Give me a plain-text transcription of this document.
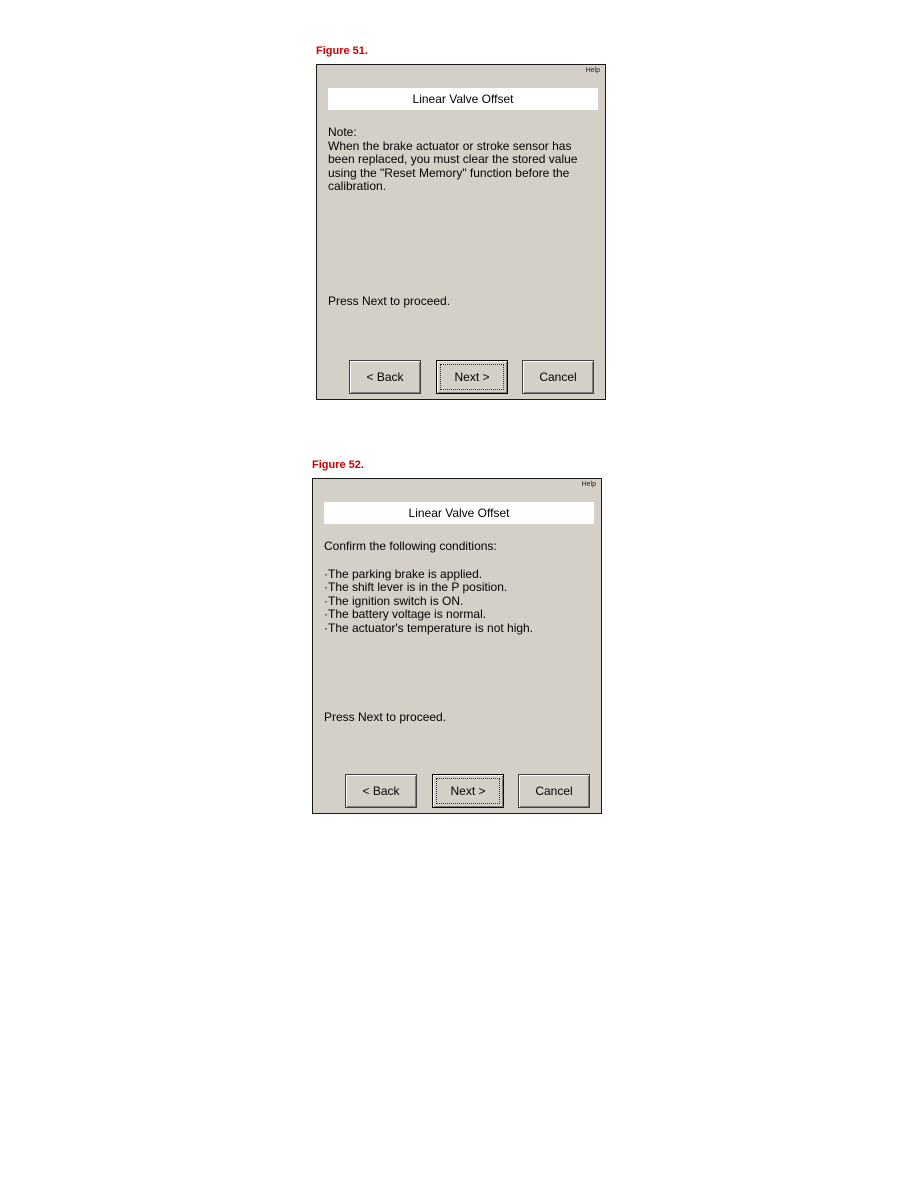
Figure 51.

Help
Linear Valve Offset

Note:

When the brake actuator or stroke sensor has been replaced, you must clear the stored value using the "Reset Memory" function before the calibration.

Press Next to proceed.
< Back	Next >	Cancel

Figure 52.

Help
Linear Valve Offset

Confirm the following conditions:

·The parking brake is applied.
·The shift lever is in the P position.
·The ignition switch is ON.
·The battery voltage is normal.
·The actuator's temperature is not high.
Press Next to proceed.
< Back	Next >	Cancel
